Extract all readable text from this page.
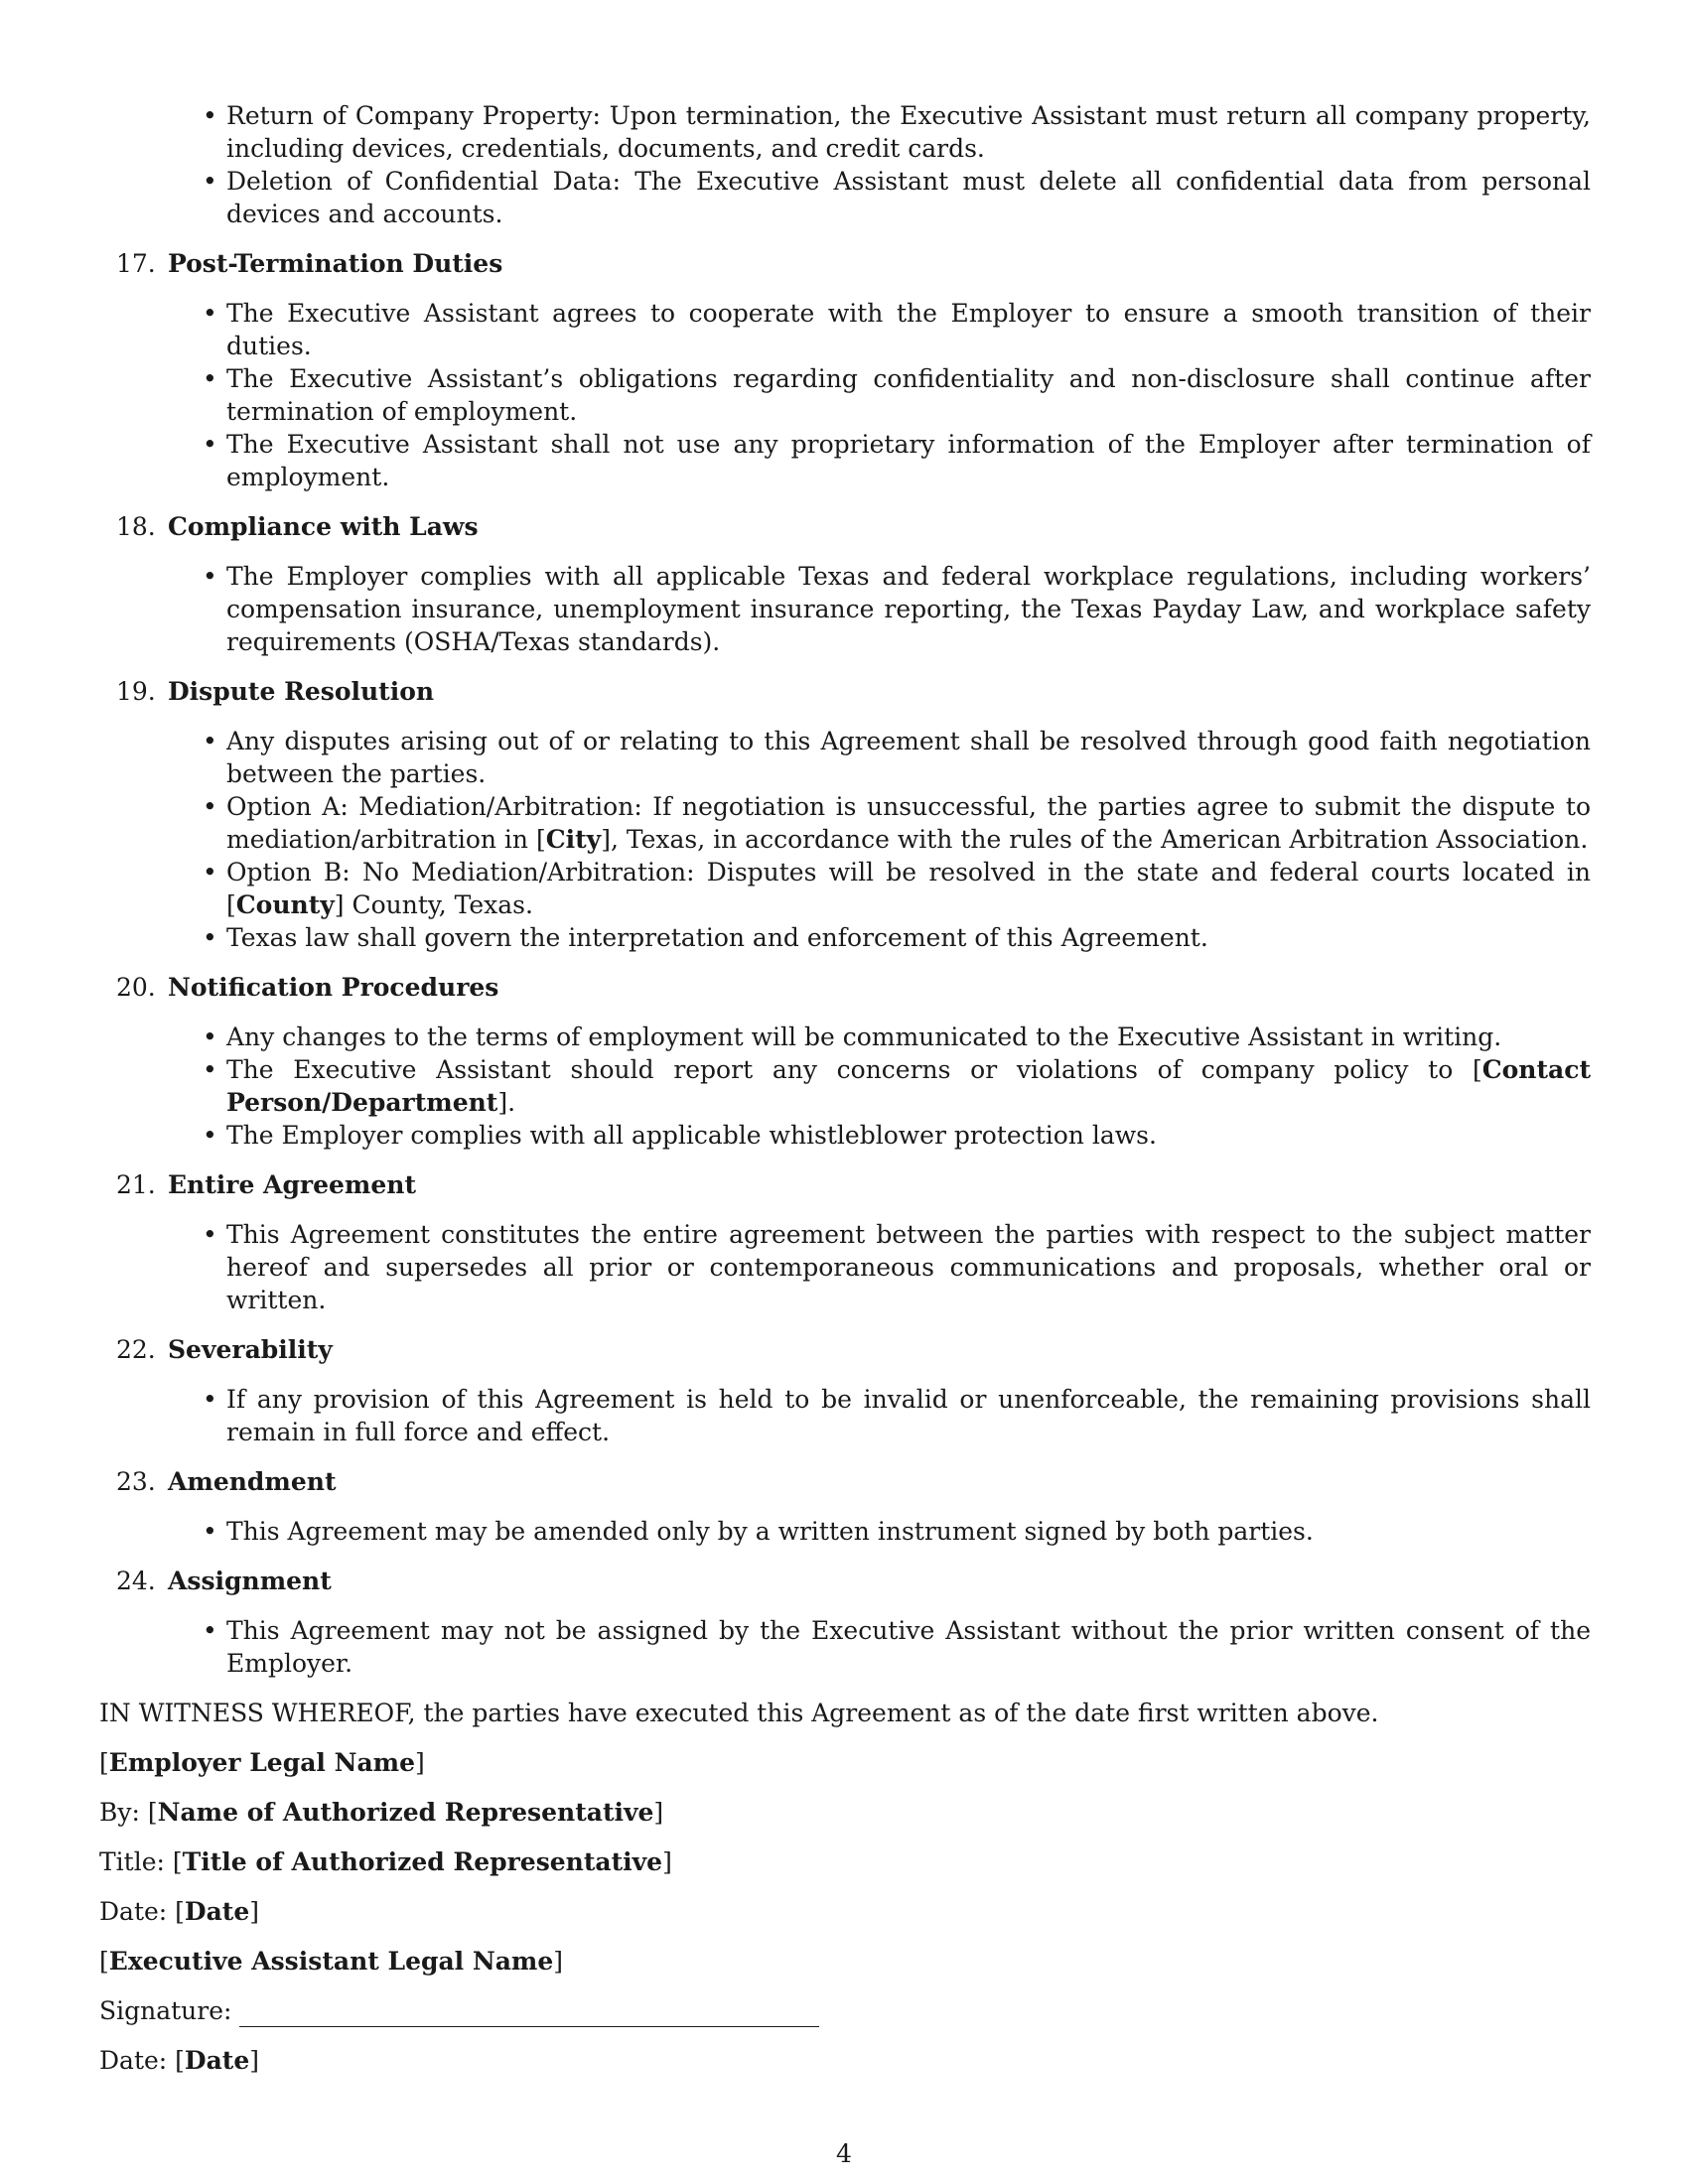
• Return of Company Property: Upon termination, the Executive Assistant must return all company property, including devices, credentials, documents, and credit cards.
• Deletion of Confidential Data: The Executive Assistant must delete all confidential data from personal devices and accounts.
17. Post-Termination Duties
• The Executive Assistant agrees to cooperate with the Employer to ensure a smooth transition of their duties.
• The Executive Assistant’s obligations regarding confidentiality and non-disclosure shall continue after termination of employment.
• The Executive Assistant shall not use any proprietary information of the Employer after termination of employment.
18. Compliance with Laws
• The Employer complies with all applicable Texas and federal workplace regulations, including workers’ compensation insurance, unemployment insurance reporting, the Texas Payday Law, and workplace safety requirements (OSHA/Texas standards).
19. Dispute Resolution
• Any disputes arising out of or relating to this Agreement shall be resolved through good faith negotiation between the parties.
• Option A: Mediation/Arbitration: If negotiation is unsuccessful, the parties agree to submit the dispute to mediation/arbitration in [City], Texas, in accordance with the rules of the American Arbitration Association.
• Option B: No Mediation/Arbitration: Disputes will be resolved in the state and federal courts located in [County] County, Texas.
• Texas law shall govern the interpretation and enforcement of this Agreement.
20. Notification Procedures
• Any changes to the terms of employment will be communicated to the Executive Assistant in writing.
• The Executive Assistant should report any concerns or violations of company policy to [Contact Person/Department].
• The Employer complies with all applicable whistleblower protection laws.
21. Entire Agreement
• This Agreement constitutes the entire agreement between the parties with respect to the subject matter hereof and supersedes all prior or contemporaneous communications and proposals, whether oral or written.
22. Severability
• If any provision of this Agreement is held to be invalid or unenforceable, the remaining provisions shall remain in full force and effect.
23. Amendment
• This Agreement may be amended only by a written instrument signed by both parties.
24. Assignment
• This Agreement may not be assigned by the Executive Assistant without the prior written consent of the Employer.
IN WITNESS WHEREOF, the parties have executed this Agreement as of the date first written above.
[Employer Legal Name]
By: [Name of Authorized Representative]
Title: [Title of Authorized Representative]
Date: [Date]
[Executive Assistant Legal Name]
Signature:
Date: [Date]
4
